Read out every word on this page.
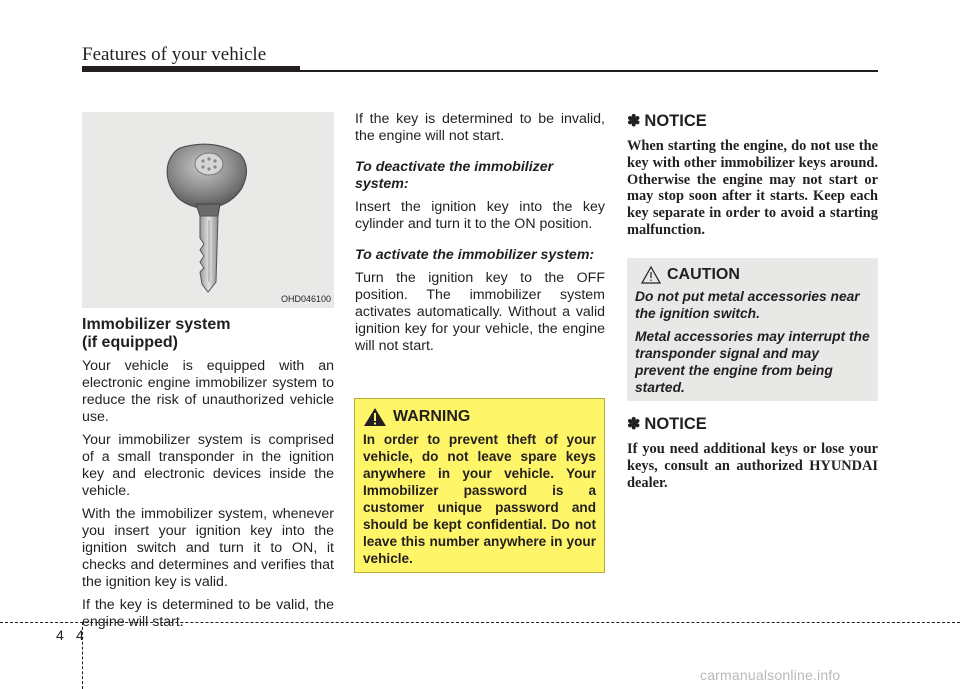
Features of your vehicle
OHD046100
Immobilizer system
(if equipped)

Your vehicle is equipped with an electronic engine immobilizer system to reduce the risk of unauthorized vehicle use.

Your immobilizer system is comprised of a small transponder in the ignition key and electronic devices inside the vehicle.

With the immobilizer system, whenever you insert your ignition key into the ignition switch and turn it to ON, it checks and determines and verifies that the ignition key is valid.

If the key is determined to be valid, the engine will start.

If the key is determined to be invalid, the engine will not start.

To deactivate the immobilizer system:

Insert the ignition key into the key cylinder and turn it to the ON position.

To activate the immobilizer system:

Turn the ignition key to the OFF position. The immobilizer system activates automatically. Without a valid ignition key for your vehicle, the engine will not start.

WARNING
In order to prevent theft of your vehicle, do not leave spare keys anywhere in your vehicle. Your Immobilizer password is a customer unique password and should be kept confidential. Do not leave this number anywhere in your vehicle.
✽ NOTICE
When starting the engine, do not use the key with other immobilizer keys around. Otherwise the engine may not start or may stop soon after it starts. Keep each key separate in order to avoid a starting malfunction.
CAUTION

Do not put metal accessories near the ignition switch.

Metal accessories may interrupt the transponder signal and may prevent the engine from being started.

✽ NOTICE
If you need additional keys or lose your keys, consult an authorized HYUNDAI dealer.
4 4
carmanualsonline.info
